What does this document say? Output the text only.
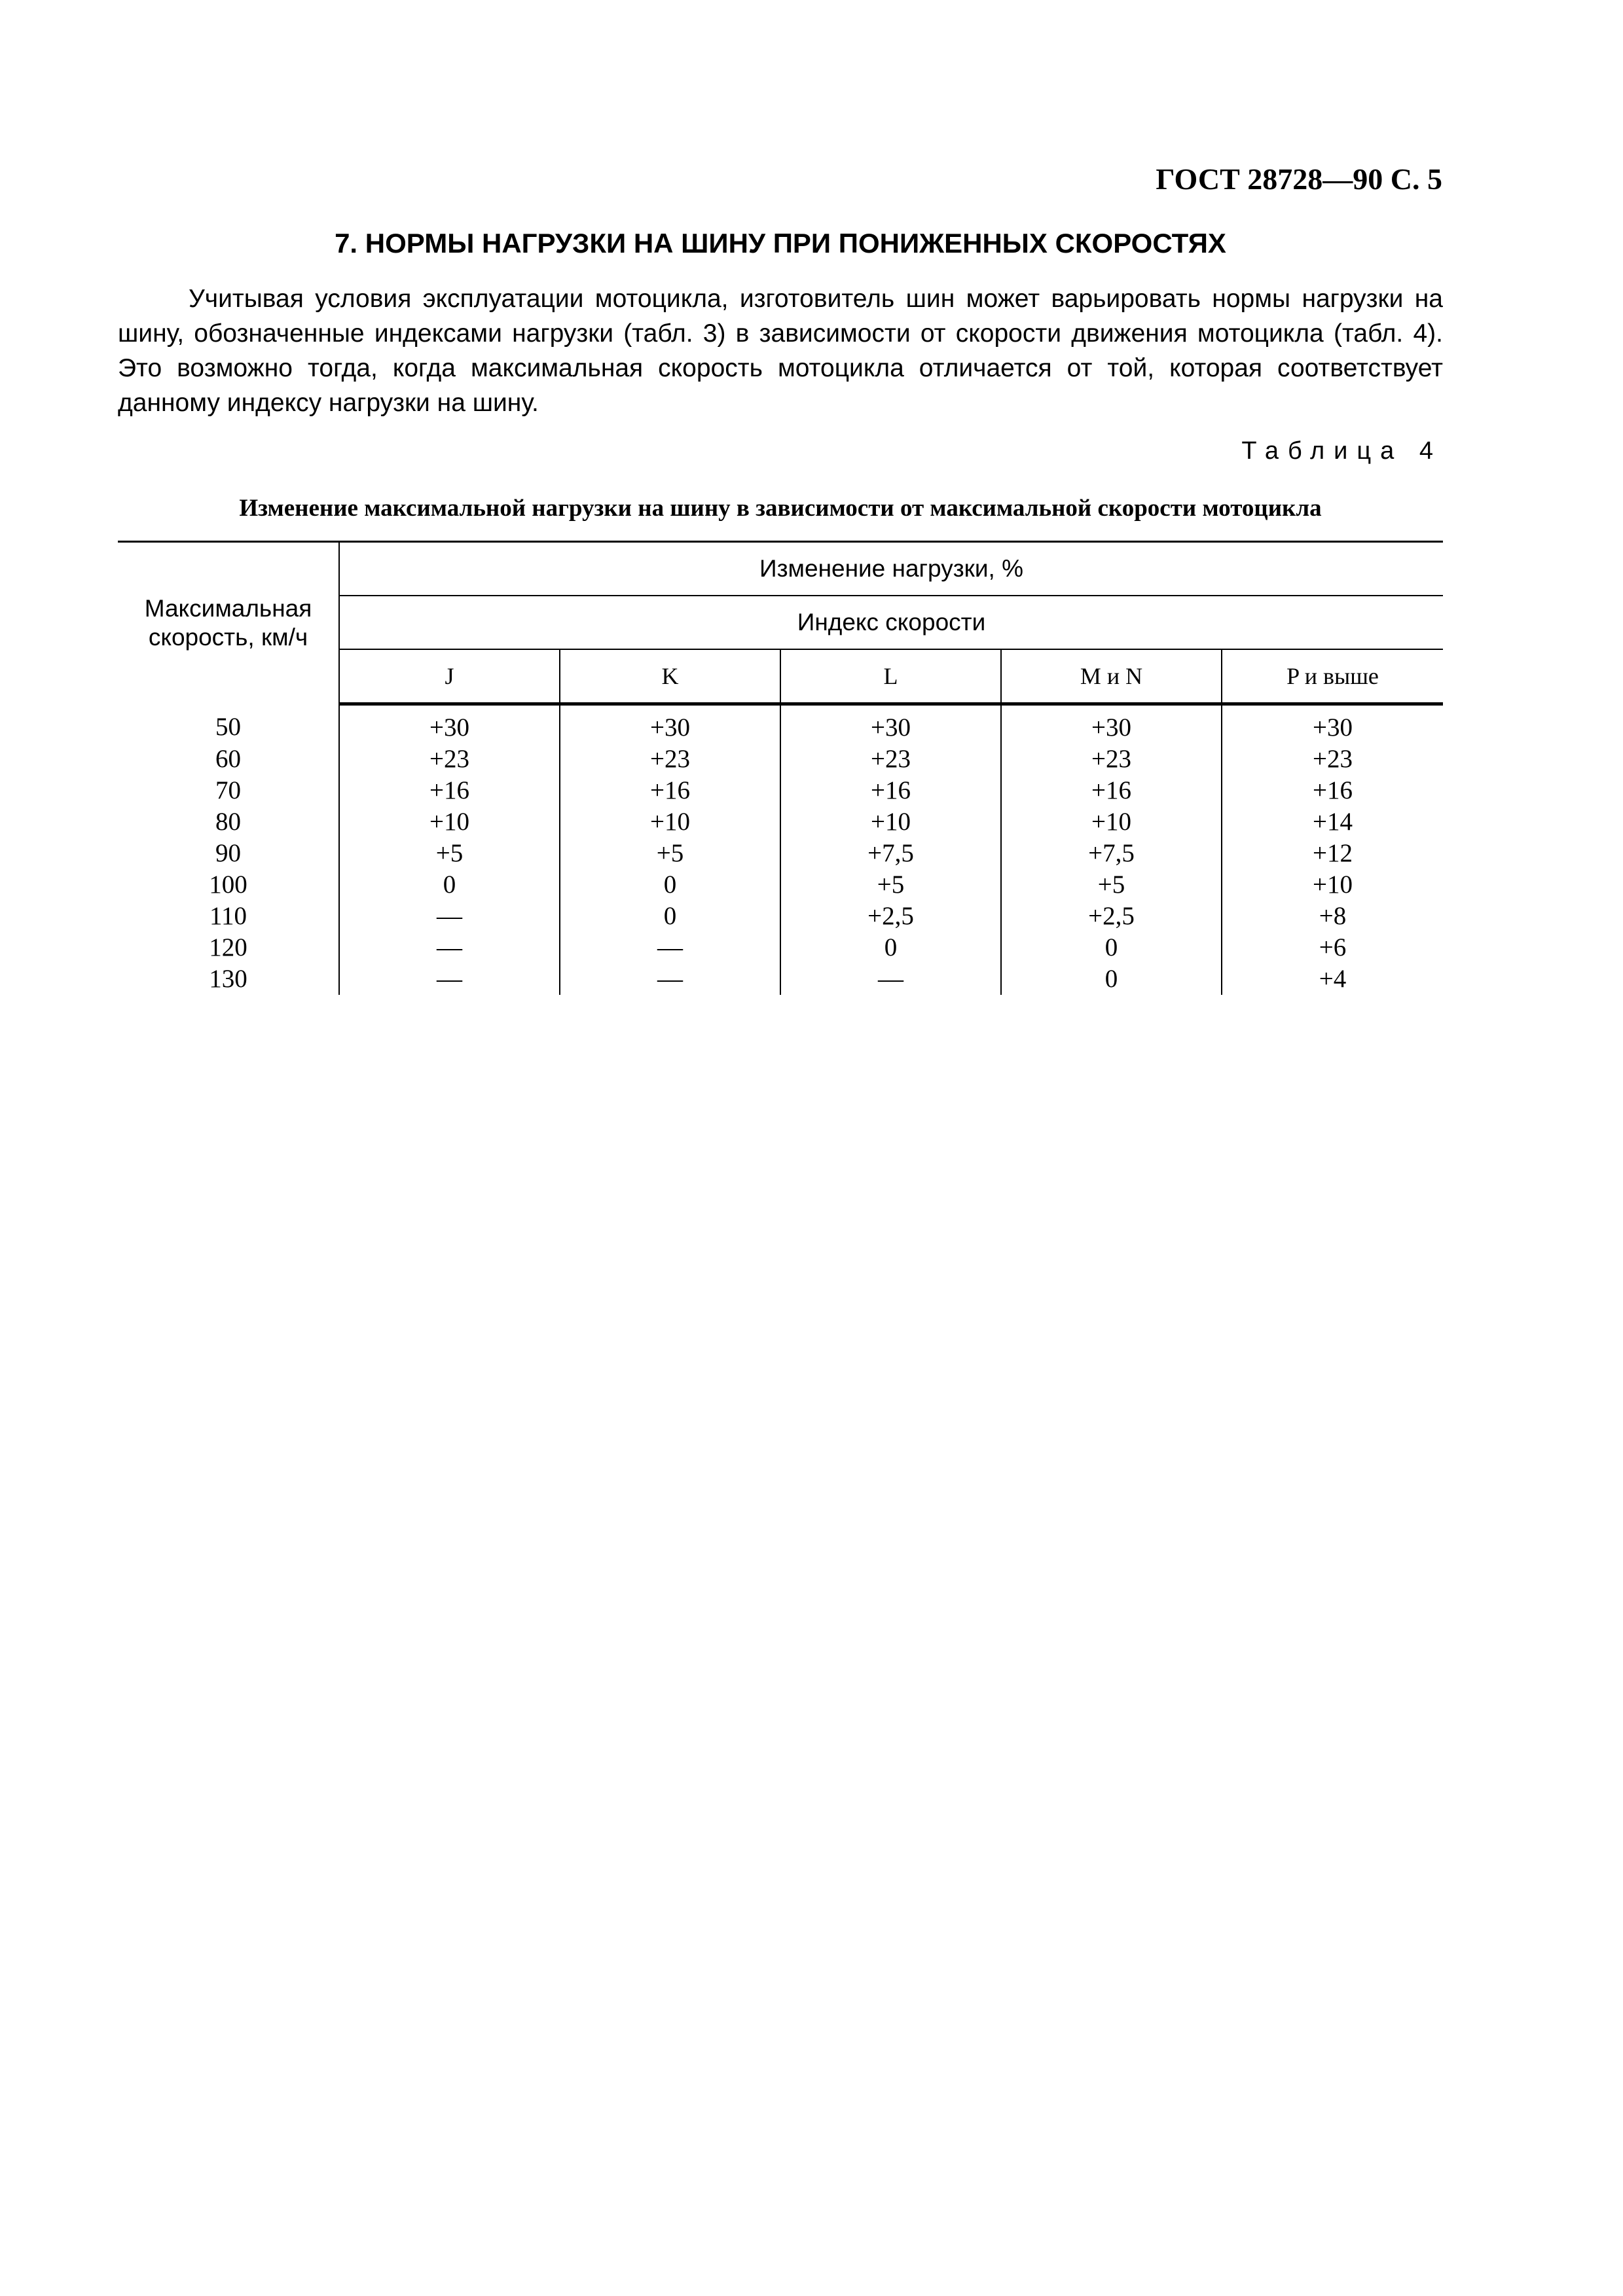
ГОСТ 28728—90 С. 5
7. НОРМЫ НАГРУЗКИ НА ШИНУ ПРИ ПОНИЖЕННЫХ СКОРОСТЯХ

Учитывая условия эксплуатации мотоцикла, изготовитель шин может варьировать нормы нагрузки на шину, обозначенные индексами нагрузки (табл. 3) в зависимости от скорости движения мотоцикла (табл. 4). Это возможно тогда, когда максимальная скорость мотоцикла отличается от той, которая соответствует данному индексу нагрузки на шину.

Таблица 4
Изменение максимальной нагрузки на шину в зависимости от максимальной скорости мотоцикла
Максимальная скорость, км/ч	Изменение нагрузки, %				
	Индекс скорости				
	J	K	L	M и N	P и выше
50	+30	+30	+30	+30	+30
60	+23	+23	+23	+23	+23
70	+16	+16	+16	+16	+16
80	+10	+10	+10	+10	+14
90	+5	+5	+7,5	+7,5	+12
100	0	0	+5	+5	+10
110	—	0	+2,5	+2,5	+8
120	—	—	0	0	+6
130	—	—	—	0	+4
